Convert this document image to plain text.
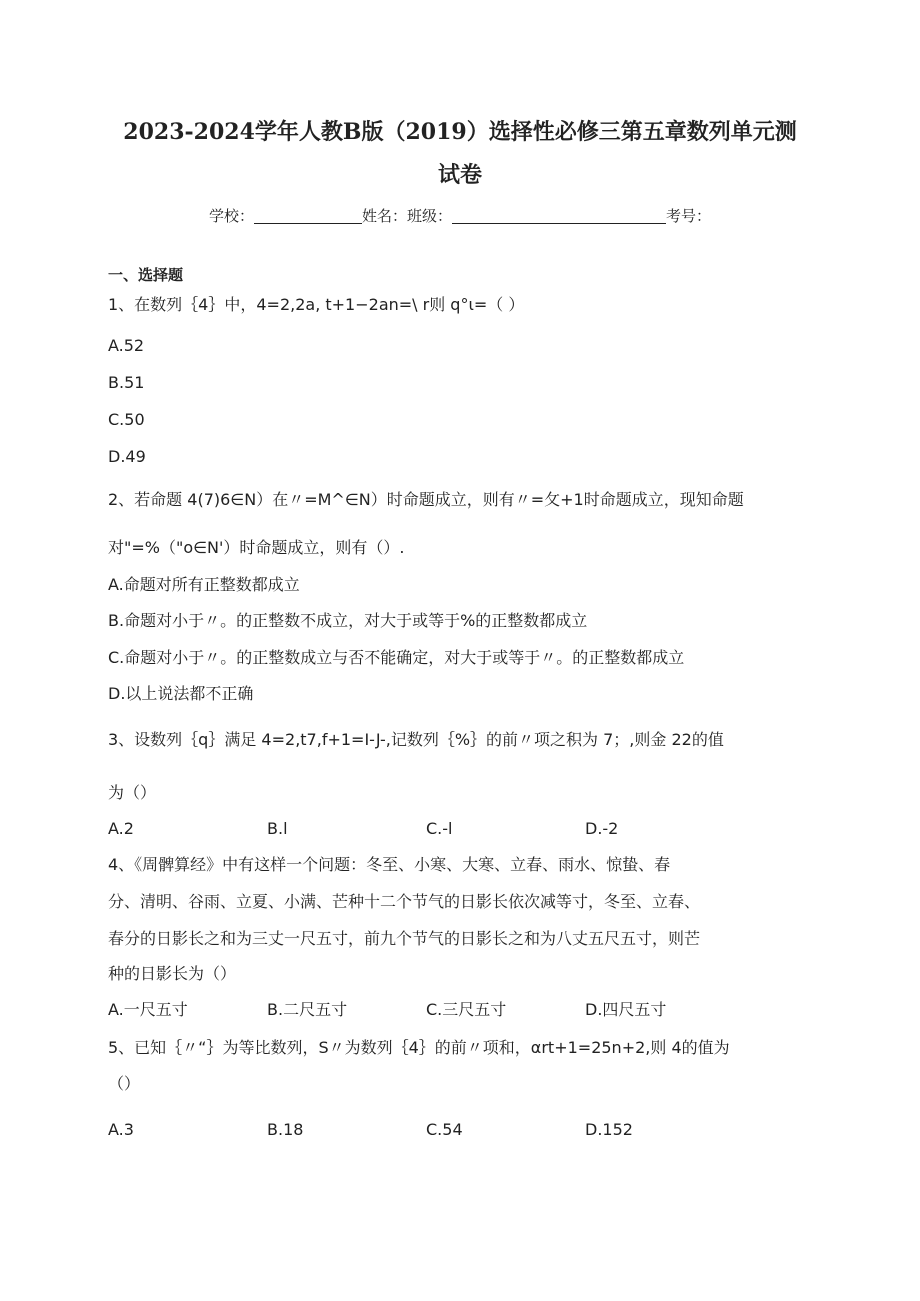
2023-2024学年人教B版（2019）选择性必修三第五章数列单元测
试卷
学校：	姓名：班级：	考号：
一、选择题
1、在数列｛4｝中，4=2,2a, t+1−2an=\ r则 q°ι=（ ）
A.52
B.51
C.50
D.49
2、若命题 4(7)6∈N）在〃=M^∈N）时命题成立，则有〃=攵+1时命题成立，现知命题
对"=%（"o∈N'）时命题成立，则有（）.
A.命题对所有正整数都成立
B.命题对小于〃。的正整数不成立，对大于或等于%的正整数都成立
C.命题对小于〃。的正整数成立与否不能确定，对大于或等于〃。的正整数都成立
D.以上说法都不正确
3、设数列｛q｝满足 4=2,t7,f+1=I-J-,记数列｛%｝的前〃项之积为 7；,则金 22的值
为（）
A.2	B.l	C.-l	D.-2
4、《周髀算经》中有这样一个问题：冬至、小寒、大寒、立春、雨水、惊蛰、春
分、清明、谷雨、立夏、小满、芒种十二个节气的日影长依次减等寸，冬至、立春、
春分的日影长之和为三丈一尺五寸，前九个节气的日影长之和为八丈五尺五寸，则芒
种的日影长为（）
A.一尺五寸	B.二尺五寸	C.三尺五寸	D.四尺五寸
5、已知｛〃“｝为等比数列，S〃为数列｛4｝的前〃项和，αrt+1=25n+2,则 4的值为
（）
A.3	B.18	C.54	D.152
